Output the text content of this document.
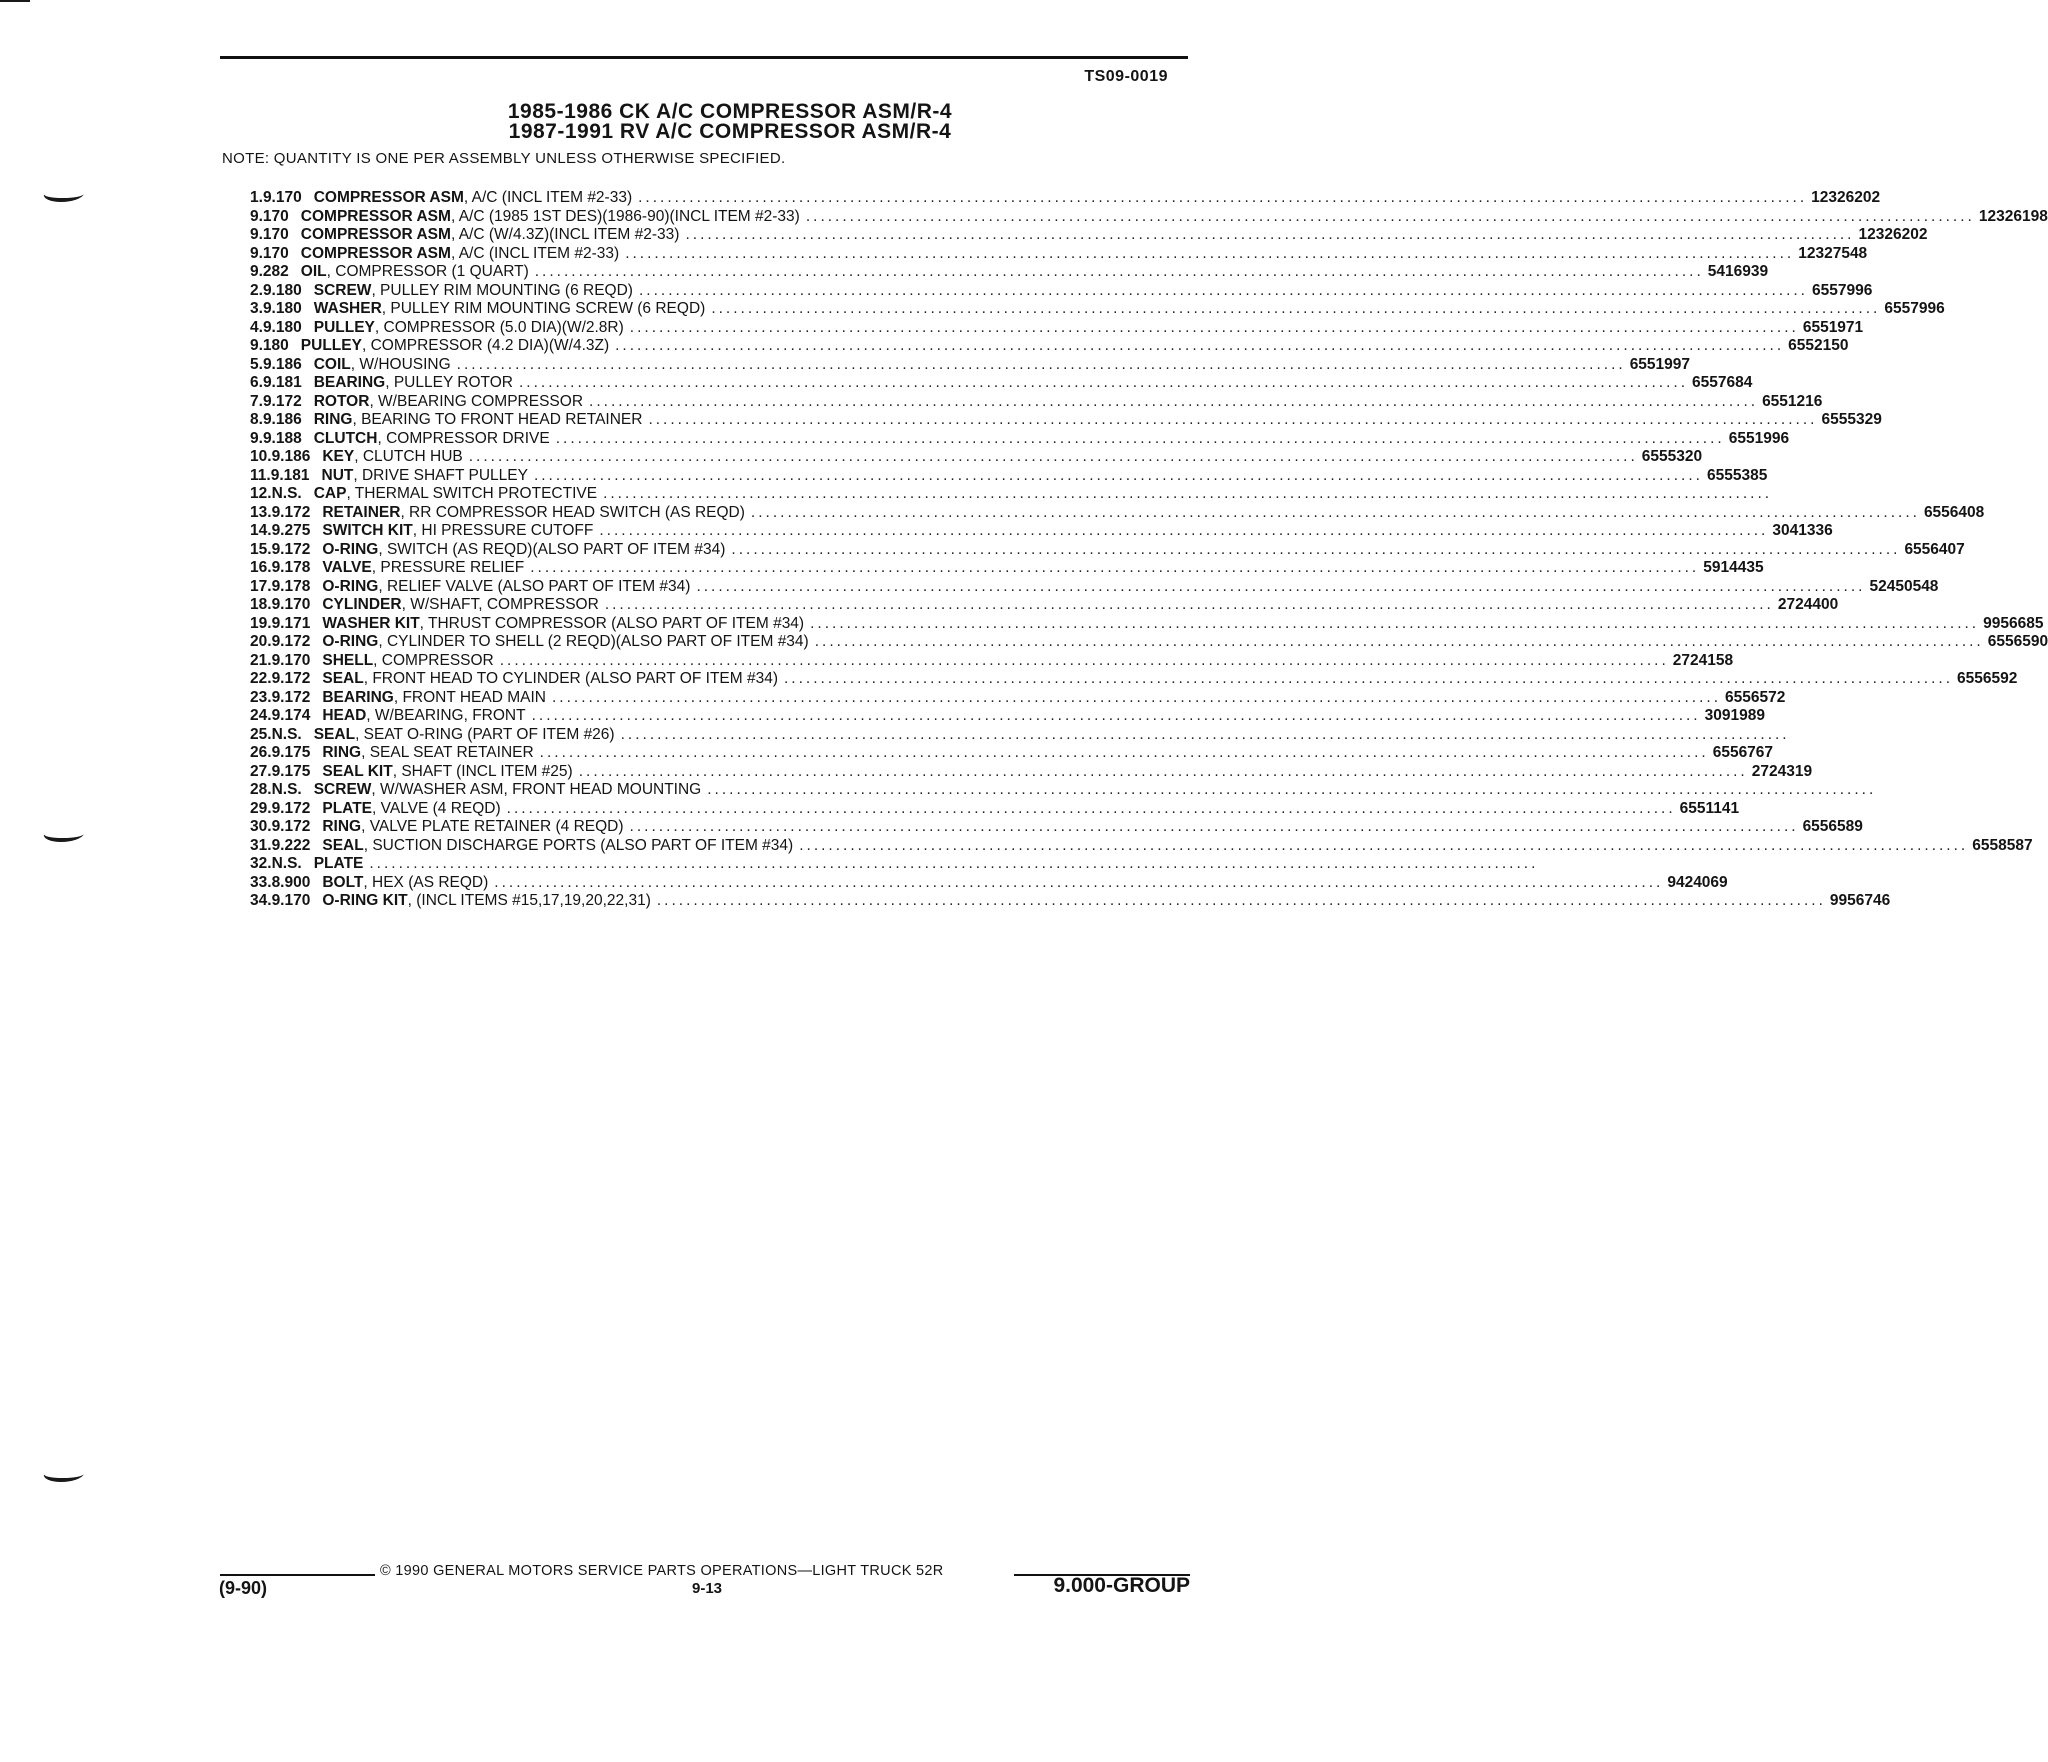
TS09-0019
1985-1986 CK A/C COMPRESSOR ASM/R-4
1987-1991 RV A/C COMPRESSOR ASM/R-4
NOTE: QUANTITY IS ONE PER ASSEMBLY UNLESS OTHERWISE SPECIFIED.
1. 9.170 COMPRESSOR ASM, A/C (INCL ITEM #2-33) ................................................................................................................................................................ 12326202
9.170 COMPRESSOR ASM, A/C (1985 1ST DES)(1986-90)(INCL ITEM #2-33) ................................................................................................................................................................ 12326198
9.170 COMPRESSOR ASM, A/C (W/4.3Z)(INCL ITEM #2-33) ................................................................................................................................................................ 12326202
9.170 COMPRESSOR ASM, A/C (INCL ITEM #2-33) ................................................................................................................................................................ 12327548
9.282 OIL, COMPRESSOR (1 QUART) ................................................................................................................................................................ 5416939
2. 9.180 SCREW, PULLEY RIM MOUNTING (6 REQD) ................................................................................................................................................................ 6557996
3. 9.180 WASHER, PULLEY RIM MOUNTING SCREW (6 REQD) ................................................................................................................................................................ 6557996
4. 9.180 PULLEY, COMPRESSOR (5.0 DIA)(W/2.8R) ................................................................................................................................................................ 6551971
9.180 PULLEY, COMPRESSOR (4.2 DIA)(W/4.3Z) ................................................................................................................................................................ 6552150
5. 9.186 COIL, W/HOUSING ................................................................................................................................................................ 6551997
6. 9.181 BEARING, PULLEY ROTOR ................................................................................................................................................................ 6557684
7. 9.172 ROTOR, W/BEARING COMPRESSOR ................................................................................................................................................................ 6551216
8. 9.186 RING, BEARING TO FRONT HEAD RETAINER ................................................................................................................................................................ 6555329
9. 9.188 CLUTCH, COMPRESSOR DRIVE ................................................................................................................................................................ 6551996
10. 9.186 KEY, CLUTCH HUB ................................................................................................................................................................ 6555320
11. 9.181 NUT, DRIVE SHAFT PULLEY ................................................................................................................................................................ 6555385
12. N.S. CAP, THERMAL SWITCH PROTECTIVE ................................................................................................................................................................
13. 9.172 RETAINER, RR COMPRESSOR HEAD SWITCH (AS REQD) ................................................................................................................................................................ 6556408
14. 9.275 SWITCH KIT, HI PRESSURE CUTOFF ................................................................................................................................................................ 3041336
15. 9.172 O-RING, SWITCH (AS REQD)(ALSO PART OF ITEM #34) ................................................................................................................................................................ 6556407
16. 9.178 VALVE, PRESSURE RELIEF ................................................................................................................................................................ 5914435
17. 9.178 O-RING, RELIEF VALVE (ALSO PART OF ITEM #34) ................................................................................................................................................................ 52450548
18. 9.170 CYLINDER, W/SHAFT, COMPRESSOR ................................................................................................................................................................ 2724400
19. 9.171 WASHER KIT, THRUST COMPRESSOR (ALSO PART OF ITEM #34) ................................................................................................................................................................ 9956685
20. 9.172 O-RING, CYLINDER TO SHELL (2 REQD)(ALSO PART OF ITEM #34) ................................................................................................................................................................ 6556590
21. 9.170 SHELL, COMPRESSOR ................................................................................................................................................................ 2724158
22. 9.172 SEAL, FRONT HEAD TO CYLINDER (ALSO PART OF ITEM #34) ................................................................................................................................................................ 6556592
23. 9.172 BEARING, FRONT HEAD MAIN ................................................................................................................................................................ 6556572
24. 9.174 HEAD, W/BEARING, FRONT ................................................................................................................................................................ 3091989
25. N.S. SEAL, SEAT O-RING (PART OF ITEM #26) ................................................................................................................................................................
26. 9.175 RING, SEAL SEAT RETAINER ................................................................................................................................................................ 6556767
27. 9.175 SEAL KIT, SHAFT (INCL ITEM #25) ................................................................................................................................................................ 2724319
28. N.S. SCREW, W/WASHER ASM, FRONT HEAD MOUNTING ................................................................................................................................................................
29. 9.172 PLATE, VALVE (4 REQD) ................................................................................................................................................................ 6551141
30. 9.172 RING, VALVE PLATE RETAINER (4 REQD) ................................................................................................................................................................ 6556589
31. 9.222 SEAL, SUCTION DISCHARGE PORTS (ALSO PART OF ITEM #34) ................................................................................................................................................................ 6558587
32. N.S. PLATE ................................................................................................................................................................
33. 8.900 BOLT, HEX (AS REQD) ................................................................................................................................................................ 9424069
34. 9.170 O-RING KIT, (INCL ITEMS #15,17,19,20,22,31) ................................................................................................................................................................ 9956746
© 1990 GENERAL MOTORS SERVICE PARTS OPERATIONS—LIGHT TRUCK 52R
(9-90)	9-13	9.000-GROUP
